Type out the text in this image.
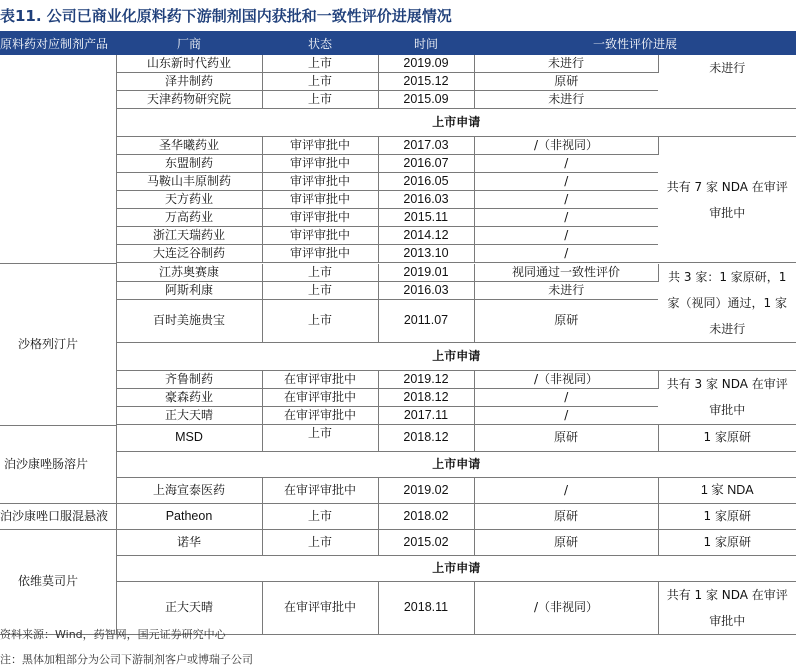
表11. 公司已商业化原料药下游制剂国内获批和一致性评价进展情况
原料药对应制剂产品	厂商	状态	时间	一致性评价进展	
	山东新时代药业	上市	2019.09	未进行	未进行
	泽井制药	上市	2015.12	原研	
	天津药物研究院	上市	2015.09	未进行	
	上市申请				
	圣华曦药业	审评审批中	2017.03	/（非视同）	共有 7 家 NDA 在审评审批中
	东盟制药	审评审批中	2016.07	/	
	马鞍山丰原制药	审评审批中	2016.05	/	
	天方药业	审评审批中	2016.03	/	
	万高药业	审评审批中	2015.11	/	
	浙江天瑞药业	审评审批中	2014.12	/	
	大连泛谷制药	审评审批中	2013.10	/	

沙格列汀片	江苏奥赛康	上市	2019.01	视同通过一致性评价	共 3 家：1 家原研，1 家（视同）通过，1 家未进行
	阿斯利康	上市	2016.03	未进行	
	百时美施贵宝	上市	2011.07	原研	
	上市申请				
	齐鲁制药	在审评审批中	2019.12	/（非视同）	共有 3 家 NDA 在审评审批中
	豪森药业	在审评审批中	2018.12	/	
	正大天晴	在审评审批中	2017.11	/	

泊沙康唑肠溶片	MSD	上市	2018.12	原研	1 家原研
	上市申请				
	上海宣泰医药	在审评审批中	2019.02	/	1 家 NDA
泊沙康唑口服混悬液	Patheon	上市	2018.02	原研	1 家原研
依维莫司片	诺华	上市	2015.02	原研	1 家原研
	上市申请				
	正大天晴	在审评审批中	2018.11	/（非视同）	共有 1 家 NDA 在审评审批中
资料来源：Wind，药智网，国元证券研究中心
注：黑体加粗部分为公司下游制剂客户或博瑞子公司
